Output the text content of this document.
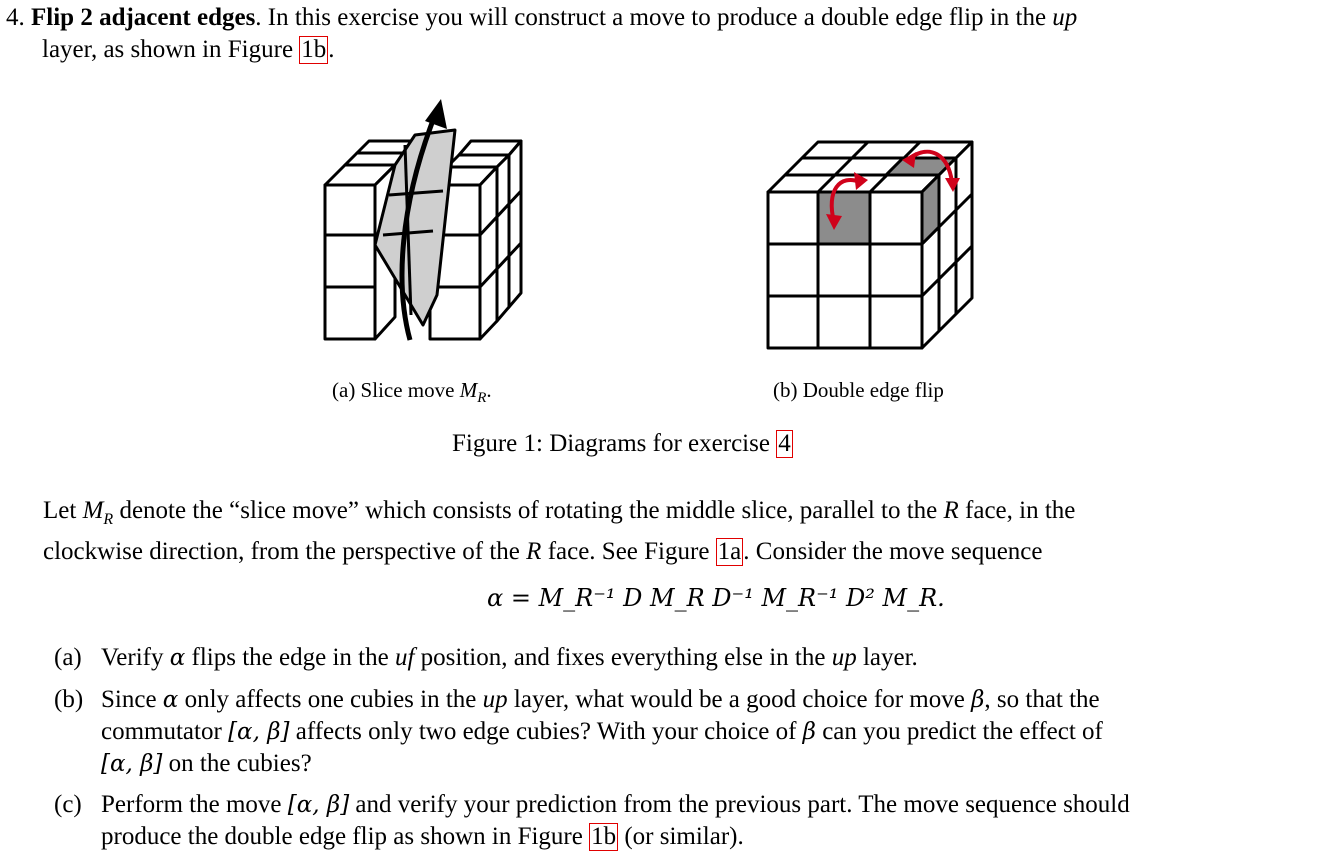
4. Flip 2 adjacent edges. In this exercise you will construct a move to produce a double edge flip in the up
layer, as shown in Figure 1b.
(a) Slice move $M_R$.	(b) Double edge flip
Figure 1: Diagrams for exercise 4
Let $M_R$ denote the “slice move” which consists of rotating the middle slice, parallel to the R face, in the
clockwise direction, from the perspective of the R face. See Figure 1a. Consider the move sequence
α = M_R⁻¹ D M_R D⁻¹ M_R⁻¹ D² M_R.
(a) Verify α flips the edge in the uf position, and fixes everything else in the up layer.
(b) Since α only affects one cubies in the up layer, what would be a good choice for move β, so that the
commutator [α, β] affects only two edge cubies? With your choice of β can you predict the effect of
[α, β] on the cubies?
(c) Perform the move [α, β] and verify your prediction from the previous part. The move sequence should
produce the double edge flip as shown in Figure 1b (or similar).
